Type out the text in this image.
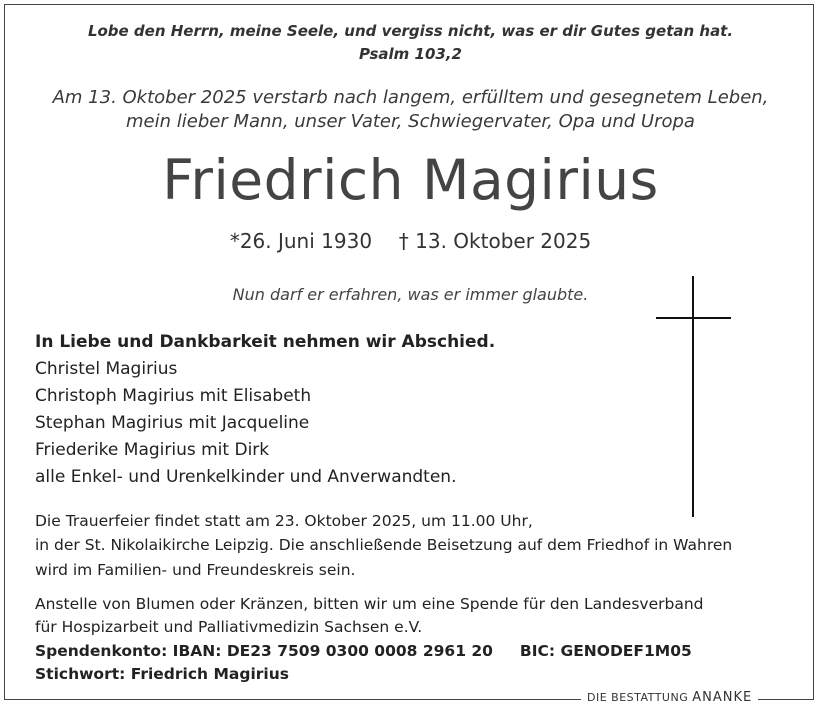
Lobe den Herrn, meine Seele, und vergiss nicht, was er dir Gutes getan hat.
Psalm 103,2
Am 13. Oktober 2025 verstarb nach langem, erfülltem und gesegnetem Leben,
mein lieber Mann, unser Vater, Schwiegervater, Opa und Uropa
Friedrich Magirius
*26. Juni 1930 † 13. Oktober 2025
Nun darf er erfahren, was er immer glaubte.
In Liebe und Dankbarkeit nehmen wir Abschied.
Christel Magirius
Christoph Magirius mit Elisabeth
Stephan Magirius mit Jacqueline
Friederike Magirius mit Dirk
alle Enkel- und Urenkelkinder und Anverwandten.
Die Trauerfeier findet statt am 23. Oktober 2025, um 11.00 Uhr,
in der St. Nikolaikirche Leipzig. Die anschließende Beisetzung auf dem Friedhof in Wahren
wird im Familien- und Freundeskreis sein.
Anstelle von Blumen oder Kränzen, bitten wir um eine Spende für den Landesverband
für Hospizarbeit und Palliativmedizin Sachsen e.V.
Spendenkonto: IBAN: DE23 7509 0300 0008 2961 20     BIC: GENODEF1M05
Stichwort: Friedrich Magirius
DIE BESTATTUNG ANANKE
